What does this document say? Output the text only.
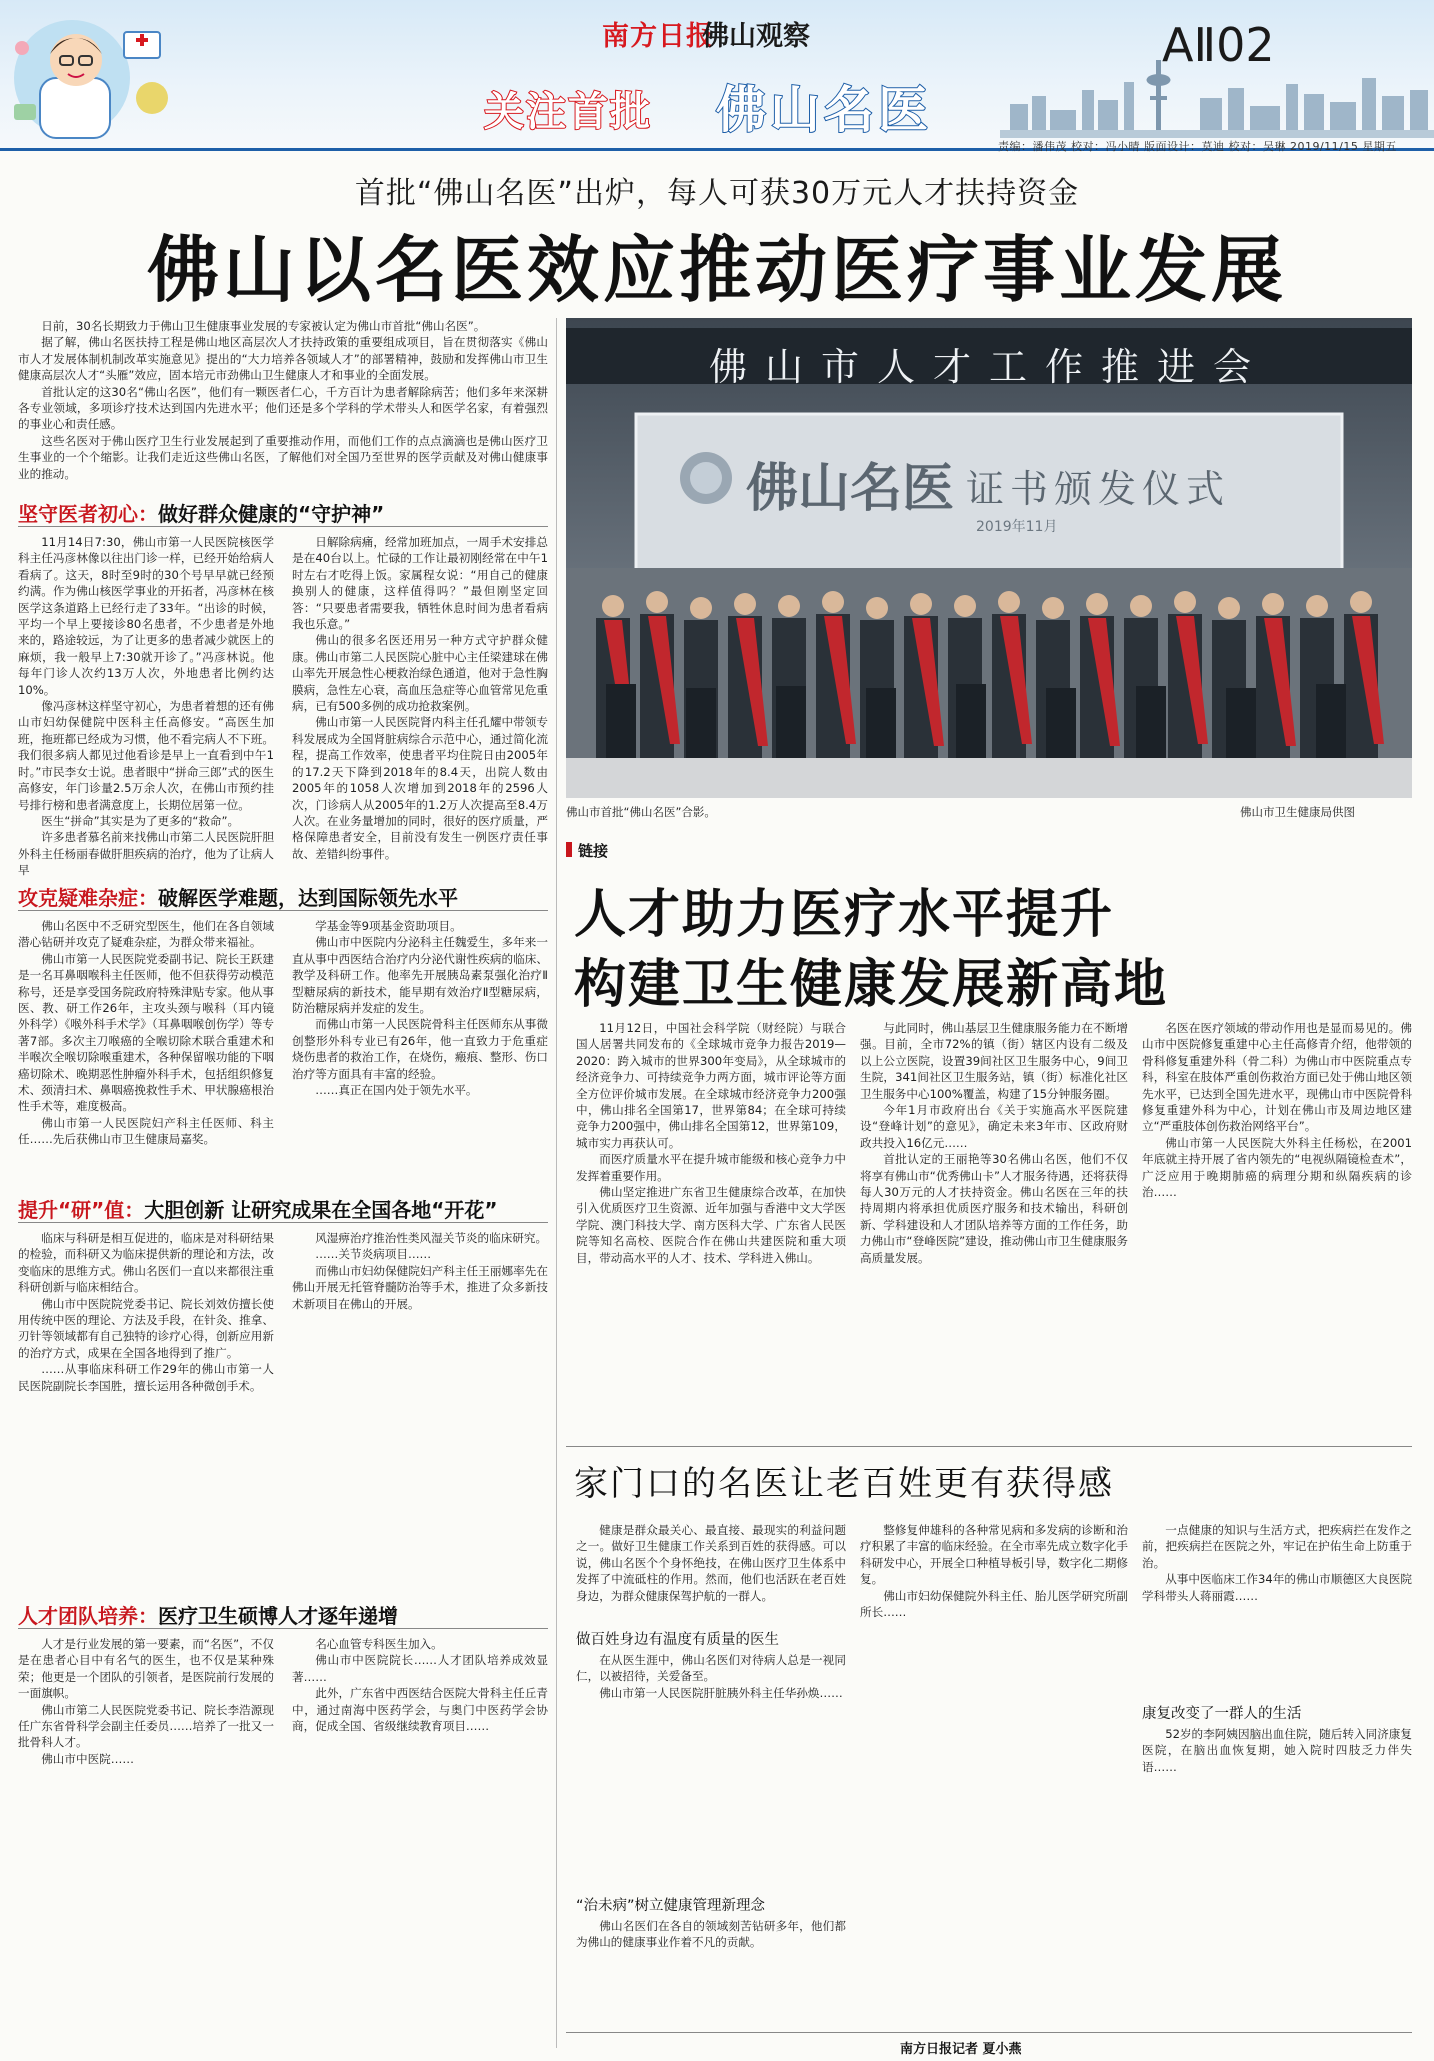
南方日报
佛山观察
关注首批 佛山名医
AⅡ02
责编：潘伟茂 校对：冯小晴 版面设计：莫迪 校对：吴琳 2019/11/15 星期五
首批“佛山名医”出炉，每人可获30万元人才扶持资金
佛山以名医效应推动医疗事业发展

日前，30名长期致力于佛山卫生健康事业发展的专家被认定为佛山市首批“佛山名医”。

据了解，佛山名医扶持工程是佛山地区高层次人才扶持政策的重要组成项目，旨在贯彻落实《佛山市人才发展体制机制改革实施意见》提出的“大力培养各领域人才”的部署精神，鼓励和发挥佛山市卫生健康高层次人才“头雁”效应，固本培元市劲佛山卫生健康人才和事业的全面发展。

首批认定的这30名“佛山名医”，他们有一颗医者仁心，千方百计为患者解除病苦；他们多年来深耕各专业领域，多项诊疗技术达到国内先进水平；他们还是多个学科的学术带头人和医学名家，有着强烈的事业心和责任感。

这些名医对于佛山医疗卫生行业发展起到了重要推动作用，而他们工作的点点滴滴也是佛山医疗卫生事业的一个个缩影。让我们走近这些佛山名医，了解他们对全国乃至世界的医学贡献及对佛山健康事业的推动。

坚守医者初心：做好群众健康的“守护神”

11月14日7:30，佛山市第一人民医院核医学科主任冯彦林像以往出门诊一样，已经开始给病人看病了。这天，8时至9时的30个号早早就已经预约满。作为佛山核医学事业的开拓者，冯彦林在核医学这条道路上已经行走了33年。“出诊的时候，平均一个早上要接诊80名患者，不少患者是外地来的，路途较远，为了让更多的患者减少就医上的麻烦，我一般早上7:30就开诊了。”冯彦林说。他每年门诊人次约13万人次，外地患者比例约达10%。

像冯彦林这样坚守初心，为患者着想的还有佛山市妇幼保健院中医科主任高修安。“高医生加班，拖班都已经成为习惯，他不看完病人不下班。我们很多病人都见过他看诊是早上一直看到中午1时。”市民李女士说。患者眼中“拼命三郎”式的医生高修安，年门诊量2.5万余人次，在佛山市预约挂号排行榜和患者满意度上，长期位居第一位。

医生“拼命”其实是为了更多的“救命”。

许多患者慕名前来找佛山市第二人民医院肝胆外科主任杨丽春做肝胆疾病的治疗，他为了让病人早

日解除病痛，经常加班加点，一周手术安排总是在40台以上。忙碌的工作让最初刚经常在中午1时左右才吃得上饭。家属程女说：“用自己的健康换别人的健康，这样值得吗？”最但刚坚定回答：“只要患者需要我，牺牲休息时间为患者看病我也乐意。”

佛山的很多名医还用另一种方式守护群众健康。佛山市第二人民医院心脏中心主任梁建球在佛山率先开展急性心梗救治绿色通道，他对于急性胸膜病，急性左心衰，高血压急症等心血管常见危重病，已有500多例的成功抢救案例。

佛山市第一人民医院肾内科主任孔耀中带领专科发展成为全国肾脏病综合示范中心，通过简化流程，提高工作效率，使患者平均住院日由2005年的17.2天下降到2018年的8.4天，出院人数由2005年的1058人次增加到2018年的2596人次，门诊病人从2005年的1.2万人次提高至8.4万人次。在业务量增加的同时，很好的医疗质量，严格保障患者安全，目前没有发生一例医疗责任事故、差错纠纷事件。

攻克疑难杂症：破解医学难题，达到国际领先水平

佛山名医中不乏研究型医生，他们在各自领域潜心钻研并攻克了疑难杂症，为群众带来福祉。

佛山市第一人民医院党委副书记、院长王跃建是一名耳鼻咽喉科主任医师，他不但获得劳动模范称号，还是享受国务院政府特殊津贴专家。他从事医、教、研工作26年，主攻头颈与喉科（耳内镜外科学）《喉外科手术学》（耳鼻咽喉创伤学）等专著7部。多次主刀喉癌的全喉切除术联合重建术和半喉次全喉切除喉重建术，各种保留喉功能的下咽癌切除术、晚期恶性肿瘤外科手术，包括组织修复术、颈清扫术、鼻咽癌挽救性手术、甲状腺癌根治性手术等，难度极高。

佛山市第一人民医院妇产科主任医师、科主任……先后获佛山市卫生健康局嘉奖。

学基金等9项基金资助项目。

佛山市中医院内分泌科主任魏爱生，多年来一直从事中西医结合治疗内分泌代谢性疾病的临床、教学及科研工作。他率先开展胰岛素泵强化治疗Ⅱ型糖尿病的新技术，能早期有效治疗Ⅱ型糖尿病，防治糖尿病并发症的发生。

而佛山市第一人民医院骨科主任医师东从事微创整形外科专业已有26年，他一直致力于危重症烧伤患者的救治工作，在烧伤，瘢痕、整形、伤口治疗等方面具有丰富的经验。

……真正在国内处于领先水平。

提升“研”值：大胆创新 让研究成果在全国各地“开花”

临床与科研是相互促进的，临床是对科研结果的检验，而科研又为临床提供新的理论和方法，改变临床的思维方式。佛山名医们一直以来都很注重科研创新与临床相结合。

佛山市中医院院党委书记、院长刘效仿擅长使用传统中医的理论、方法及手段，在针灸、推拿、刃针等领域都有自己独特的诊疗心得，创新应用新的治疗方式，成果在全国各地得到了推广。

……从事临床科研工作29年的佛山市第一人民医院副院长李国胜，擅长运用各种微创手术。

风湿痹治疗推治性类风湿关节炎的临床研究。

……关节炎病项目……

而佛山市妇幼保健院妇产科主任王丽娜率先在佛山开展无托管脊髓防治等手术，推进了众多新技术新项目在佛山的开展。

人才团队培养：医疗卫生硕博人才逐年递增

人才是行业发展的第一要素，而“名医”，不仅是在患者心目中有名气的医生，也不仅是某种殊荣；他更是一个团队的引领者，是医院前行发展的一面旗帜。

佛山市第二人民医院党委书记、院长李浩源现任广东省骨科学会副主任委员……培养了一批又一批骨科人才。

佛山市中医院……

名心血管专科医生加入。

佛山市中医院院长……人才团队培养成效显著……

此外，广东省中西医结合医院大骨科主任丘青中，通过南海中医药学会，与奥门中医药学会协商，促成全国、省级继续教育项目……

佛山市人才工作推进会
佛山名医 证书颁发仪式
2019年11月
佛山市首批“佛山名医”合影。	佛山市卫生健康局供图
链接
人才助力医疗水平提升
构建卫生健康发展新高地

11月12日，中国社会科学院（财经院）与联合国人居署共同发布的《全球城市竞争力报告2019—2020：跨入城市的世界300年变局》，从全球城市的经济竞争力、可持续竞争力两方面，城市评论等方面全方位评价城市发展。在全球城市经济竞争力200强中，佛山排名全国第17，世界第84；在全球可持续竞争力200强中，佛山排名全国第12，世界第109，城市实力再获认可。

而医疗质量水平在提升城市能级和核心竞争力中发挥着重要作用。

佛山坚定推进广东省卫生健康综合改革，在加快引入优质医疗卫生资源、近年加强与香港中文大学医学院、澳门科技大学、南方医科大学、广东省人民医院等知名高校、医院合作在佛山共建医院和重大项目，带动高水平的人才、技术、学科进入佛山。

与此同时，佛山基层卫生健康服务能力在不断增强。目前，全市72%的镇（街）辖区内设有二级及以上公立医院，设置39间社区卫生服务中心，9间卫生院，341间社区卫生服务站，镇（街）标准化社区卫生服务中心100%覆盖，构建了15分钟服务圈。

今年1月市政府出台《关于实施高水平医院建设“登峰计划”的意见》，确定未来3年市、区政府财政共投入16亿元……

首批认定的王丽艳等30名佛山名医，他们不仅将享有佛山市“优秀佛山卡”人才服务待遇，还将获得每人30万元的人才扶持资金。佛山名医在三年的扶持周期内将承担优质医疗服务和技术输出，科研创新、学科建设和人才团队培养等方面的工作任务，助力佛山市“登峰医院”建设，推动佛山市卫生健康服务高质量发展。

名医在医疗领域的带动作用也是显而易见的。佛山市中医院修复重建中心主任高修青介绍，他带领的骨科修复重建外科（骨二科）为佛山市中医院重点专科，科室在肢体严重创伤救治方面已处于佛山地区领先水平，已达到全国先进水平，现佛山市中医院骨科修复重建外科为中心，计划在佛山市及周边地区建立“严重肢体创伤救治网络平台”。

佛山市第一人民医院大外科主任杨松，在2001年底就主持开展了省内领先的“电视纵隔镜检查术”，广泛应用于晚期肺癌的病理分期和纵隔疾病的诊治……

家门口的名医让老百姓更有获得感

健康是群众最关心、最直接、最现实的利益问题之一。做好卫生健康工作关系到百姓的获得感。可以说，佛山名医个个身怀绝技，在佛山医疗卫生体系中发挥了中流砥柱的作用。然而，他们也活跃在老百姓身边，为群众健康保驾护航的一群人。

做百姓身边有温度有质量的医生

在从医生涯中，佛山名医们对待病人总是一视同仁，以被招待，关爱备至。

佛山市第一人民医院肝脏胰外科主任华孙焕……

“治未病”树立健康管理新理念

佛山名医们在各自的领域刻苦钻研多年，他们都为佛山的健康事业作着不凡的贡献。

整修复伸雄科的各种常见病和多发病的诊断和治疗积累了丰富的临床经验。在全市率先成立数字化手科研发中心，开展全口种植导板引导，数字化二期修复。

佛山市妇幼保健院外科主任、胎儿医学研究所副所长……

一点健康的知识与生活方式，把疾病拦在发作之前，把疾病拦在医院之外，牢记在护佑生命上防重于治。

从事中医临床工作34年的佛山市顺德区大良医院学科带头人蒋丽霞……

康复改变了一群人的生活

52岁的李阿姨因脑出血住院，随后转入同济康复医院，在脑出血恢复期，她入院时四肢乏力伴失语……

南方日报记者 夏小燕
